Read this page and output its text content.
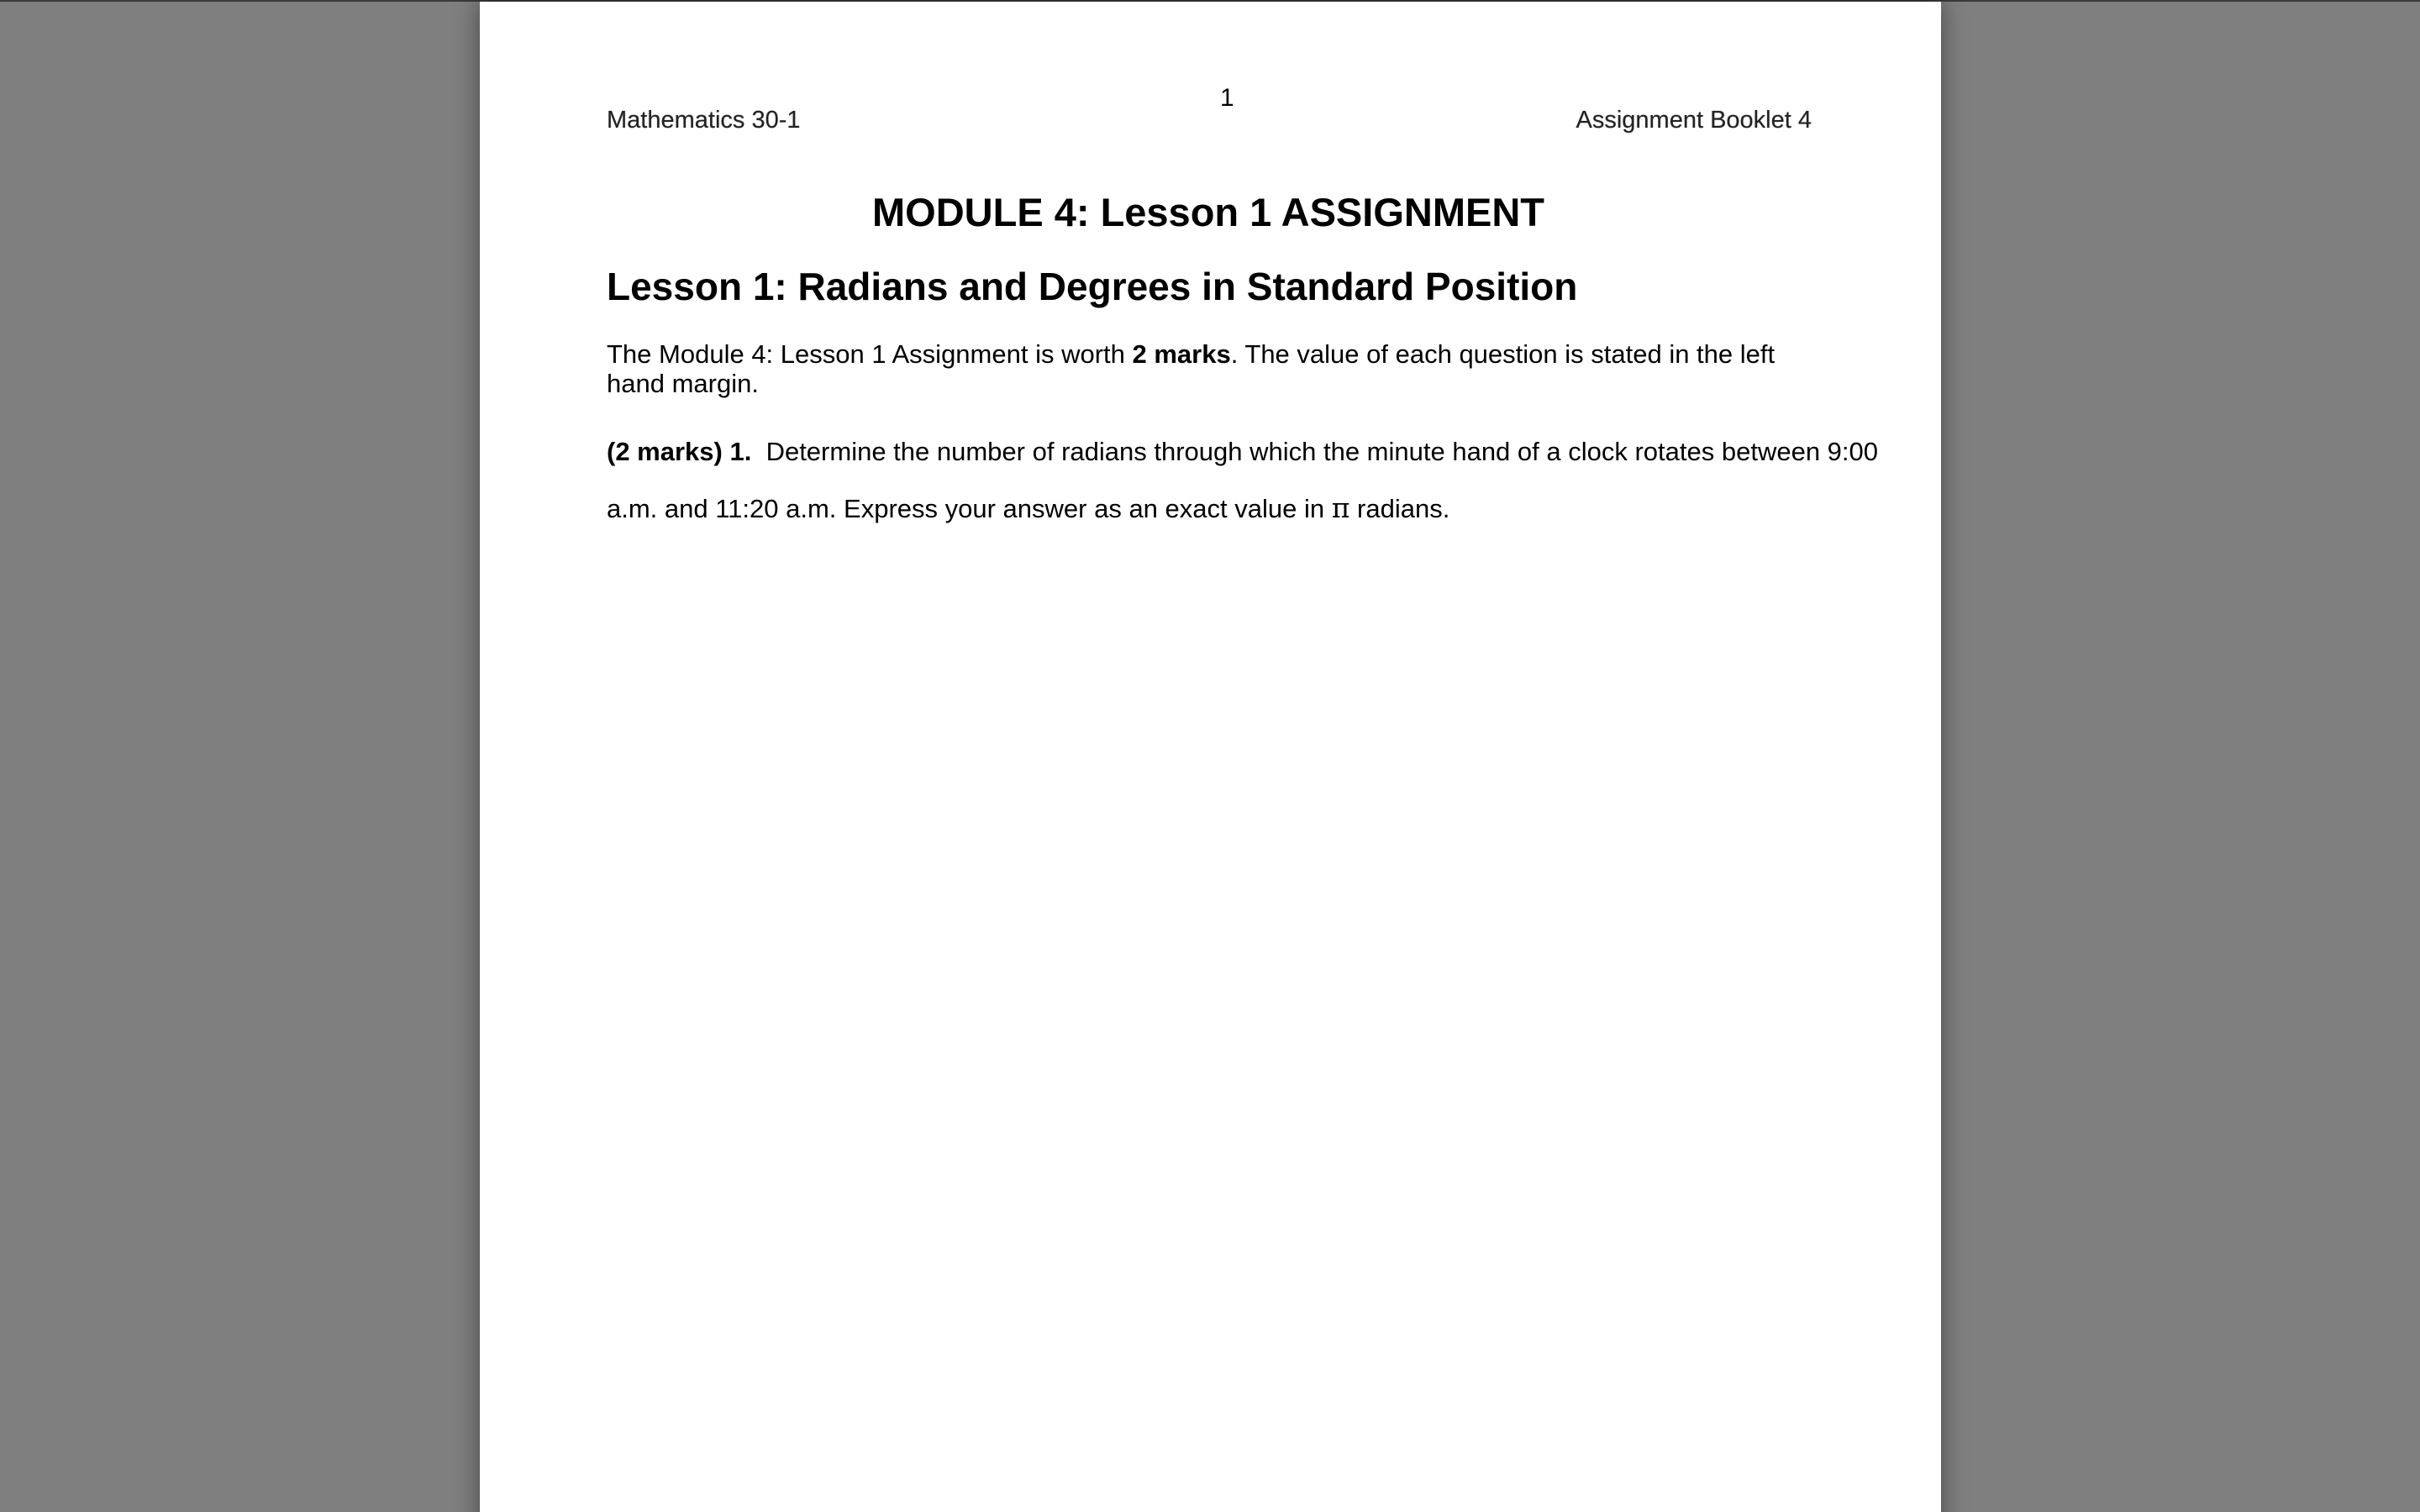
1
Mathematics 30-1	Assignment Booklet 4
MODULE 4: Lesson 1 ASSIGNMENT
Lesson 1: Radians and Degrees in Standard Position

The Module 4: Lesson 1 Assignment is worth 2 marks. The value of each question is stated in the left hand margin.

(2 marks) 1. Determine the number of radians through which the minute hand of a clock rotates between 9:00 a.m. and 11:20 a.m. Express your answer as an exact value in π radians.
